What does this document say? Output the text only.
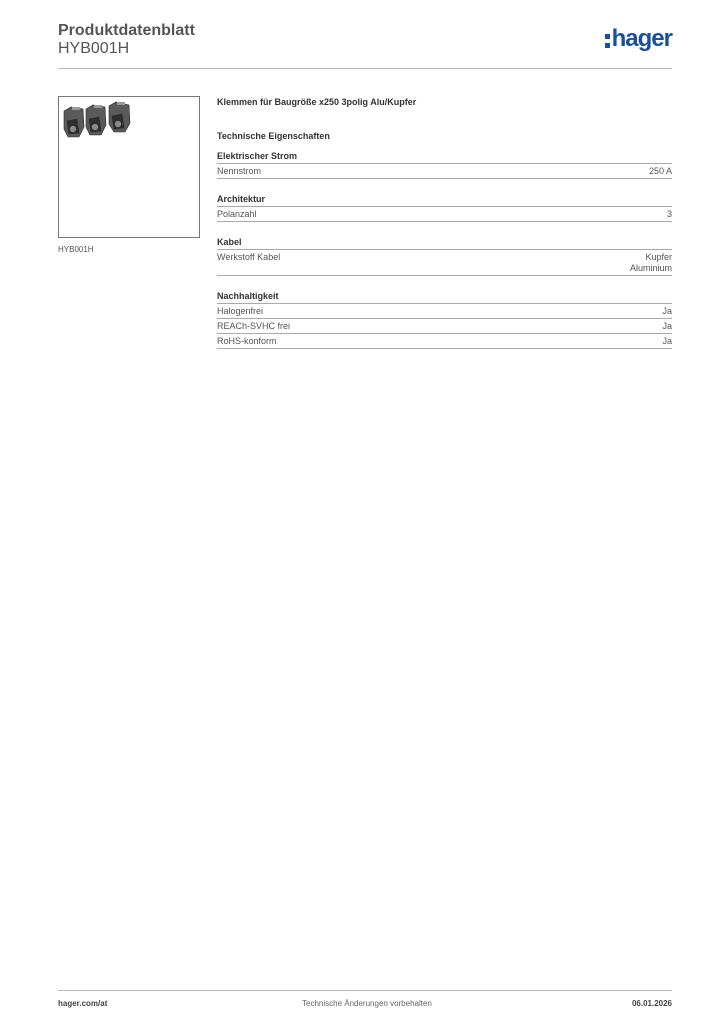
Produktdatenblatt
HYB001H	hager
HYB001H
Klemmen für Baugröße x250 3polig Alu/Kupfer
Technische Eigenschaften
Elektrischer Strom
Nennstrom	250 A
Architektur
Polanzahl	3
Kabel
Werkstoff Kabel	Kupfer
Aluminium
Nachhaltigkeit
Halogenfrei	Ja
REACh-SVHC frei	Ja
RoHS-konform	Ja
hager.com/at	Technische Änderungen vorbehalten	06.01.2026
